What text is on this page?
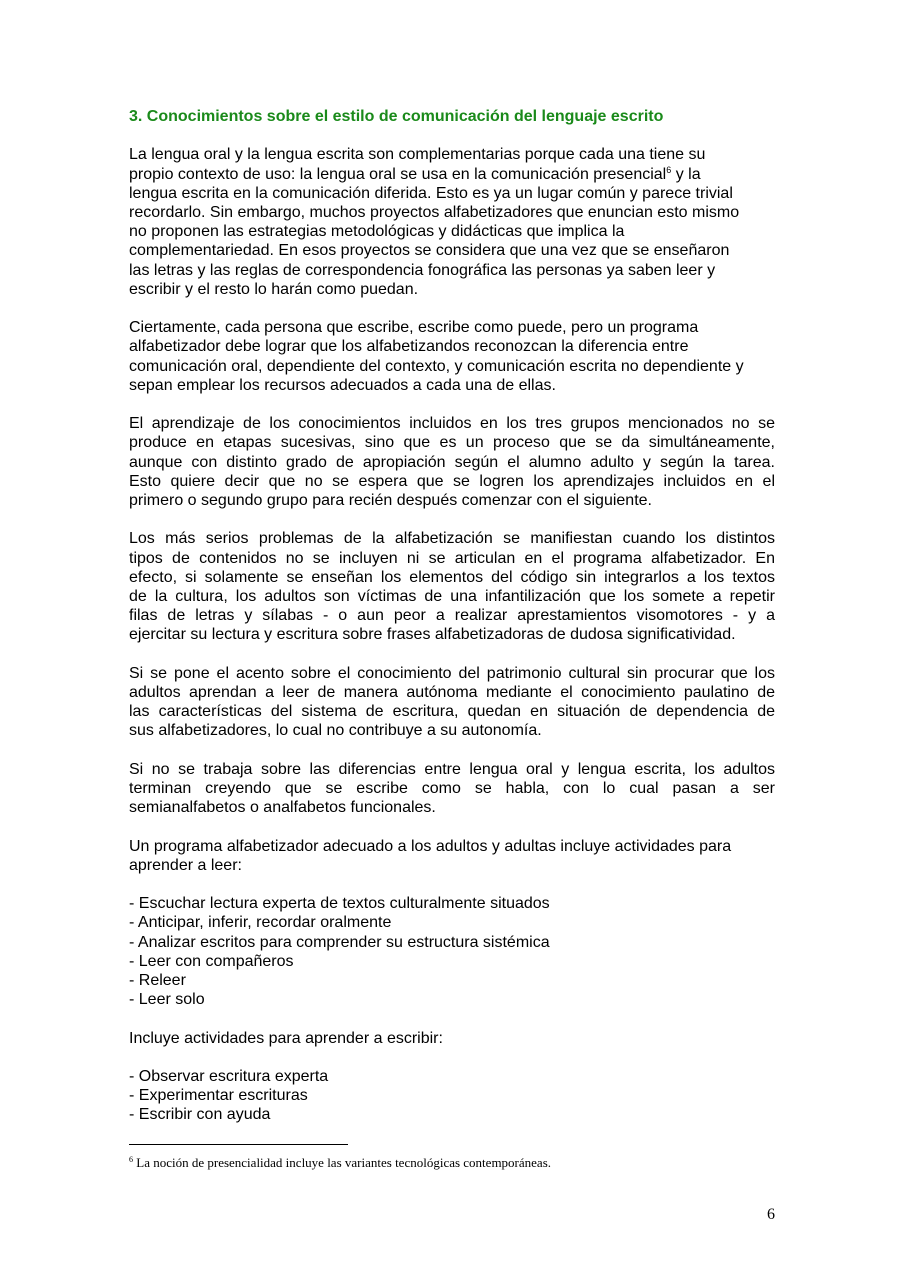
3. Conocimientos sobre el estilo de comunicación del lenguaje escrito
La lengua oral y la lengua escrita son complementarias porque cada una tiene su
propio contexto de uso: la lengua oral se usa en la comunicación presencial$^6$ y la
lengua escrita en la comunicación diferida. Esto es ya un lugar común y parece trivial
recordarlo. Sin embargo, muchos proyectos alfabetizadores que enuncian esto mismo
no proponen las estrategias metodológicas y didácticas que implica la
complementariedad. En esos proyectos se considera que una vez que se enseñaron
las letras y las reglas de correspondencia fonográfica las personas ya saben leer y
escribir y el resto lo harán como puedan.
Ciertamente, cada persona que escribe, escribe como puede, pero un programa
alfabetizador debe lograr que los alfabetizandos reconozcan la diferencia entre
comunicación oral, dependiente del contexto, y comunicación escrita no dependiente y
sepan emplear los recursos adecuados a cada una de ellas.
El aprendizaje de los conocimientos incluidos en los tres grupos mencionados no se
produce en etapas sucesivas, sino que es un proceso que se da simultáneamente,
aunque con distinto grado de apropiación según el alumno adulto y según la tarea.
Esto quiere decir que no se espera que se logren los aprendizajes incluidos en el
primero o segundo grupo para recién después comenzar con el siguiente.
Los más serios problemas de la alfabetización se manifiestan cuando los distintos
tipos de contenidos no se incluyen ni se articulan en el programa alfabetizador. En
efecto, si solamente se enseñan los elementos del código sin integrarlos a los textos
de la cultura, los adultos son víctimas de una infantilización que los somete a repetir
filas de letras y sílabas - o aun peor a realizar aprestamientos visomotores - y a
ejercitar su lectura y escritura sobre frases alfabetizadoras de dudosa significatividad.
Si se pone el acento sobre el conocimiento del patrimonio cultural sin procurar que los
adultos aprendan a leer de manera autónoma mediante el conocimiento paulatino de
las características del sistema de escritura, quedan en situación de dependencia de
sus alfabetizadores, lo cual no contribuye a su autonomía.
Si no se trabaja sobre las diferencias entre lengua oral y lengua escrita, los adultos
terminan creyendo que se escribe como se habla, con lo cual pasan a ser
semianalfabetos o analfabetos funcionales.
Un programa alfabetizador adecuado a los adultos y adultas incluye actividades para
aprender a leer:
- Escuchar lectura experta de textos culturalmente situados
- Anticipar, inferir, recordar oralmente
- Analizar escritos para comprender su estructura sistémica
- Leer con compañeros
- Releer
- Leer solo
Incluye actividades para aprender a escribir:
- Observar escritura experta
- Experimentar escrituras
- Escribir con ayuda
$^6$ La noción de presencialidad incluye las variantes tecnológicas contemporáneas.
6
